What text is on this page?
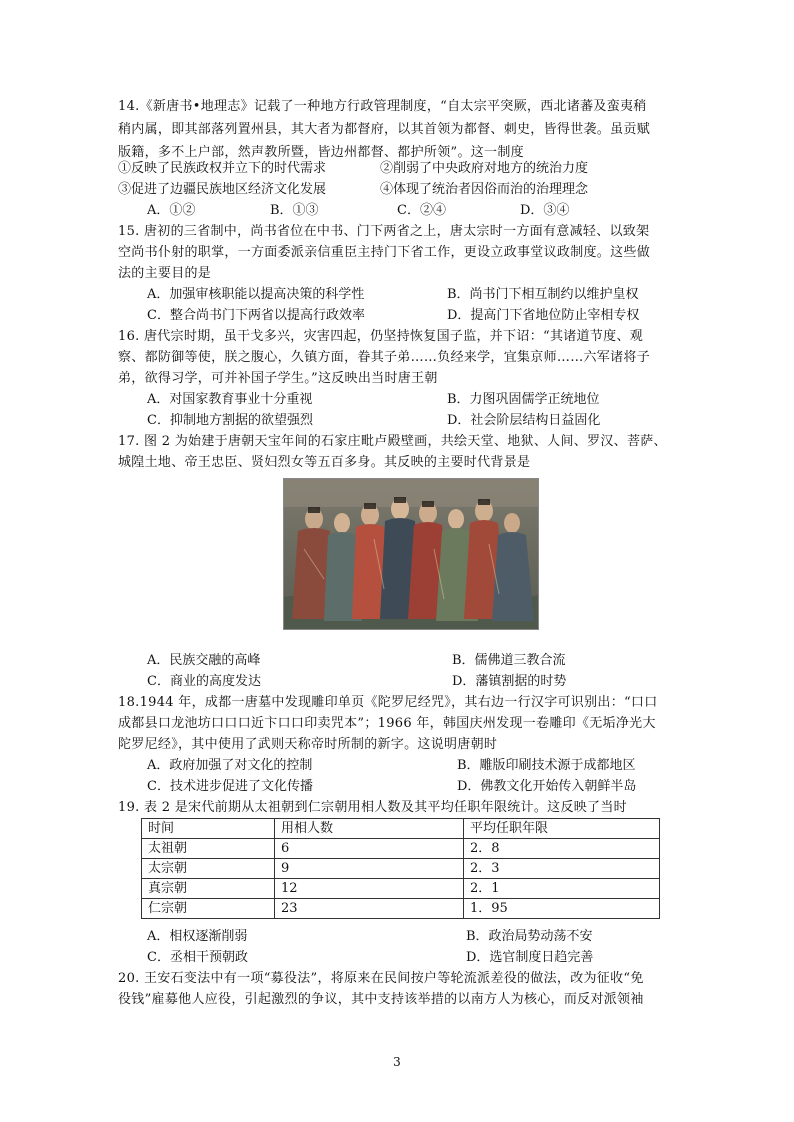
14.《新唐书•地理志》记载了一种地方行政管理制度，“自太宗平突厥，西北诸蕃及蛮夷稍
稍内属，即其部落列置州县，其大者为都督府，以其首领为都督、刺史，皆得世袭。虽贡赋
版籍，多不上户部，然声教所暨，皆边州都督、都护所领”。这一制度
①反映了民族政权并立下的时代需求	②削弱了中央政府对地方的统治力度
③促进了边疆民族地区经济文化发展	④体现了统治者因俗而治的治理理念
A．①②	B．①③	C．②④	D．③④
15. 唐初的三省制中，尚书省位在中书、门下两省之上，唐太宗时一方面有意减轻、以致架
空尚书仆射的职掌，一方面委派亲信重臣主持门下省工作，更设立政事堂议政制度。这些做
法的主要目的是
A．加强审核职能以提高决策的科学性	B．尚书门下相互制约以维护皇权
C．整合尚书门下两省以提高行政效率	D．提高门下省地位防止宰相专权
16. 唐代宗时期，虽干戈多兴，灾害四起，仍坚持恢复国子监，并下诏：“其诸道节度、观
察、都防御等使，朕之腹心，久镇方面，眷其子弟……负经来学，宜集京师……六军诸将子
弟，欲得习学，可并补国子学生。”这反映出当时唐王朝
A．对国家教育事业十分重视	B．力图巩固儒学正统地位
C．抑制地方割据的欲望强烈	D．社会阶层结构日益固化
17. 图 2 为始建于唐朝天宝年间的石家庄毗卢殿壁画，共绘天堂、地狱、人间、罗汉、菩萨、
城隍土地、帝王忠臣、贤妇烈女等五百多身。其反映的主要时代背景是
A．民族交融的高峰	B．儒佛道三教合流
C．商业的高度发达	D．藩镇割据的时势
18.1944 年，成都一唐墓中发现雕印单页《陀罗尼经咒》，其右边一行汉字可识别出：“口口
成都县口龙池坊口口口近卞口口印卖咒本”；1966 年，韩国庆州发现一卷雕印《无垢净光大
陀罗尼经》，其中使用了武则天称帝时所制的新字。这说明唐朝时
A．政府加强了对文化的控制	B．雕版印刷技术源于成都地区
C．技术进步促进了文化传播	D．佛教文化开始传入朝鲜半岛
19. 表 2 是宋代前期从太祖朝到仁宗朝用相人数及其平均任职年限统计。这反映了当时
时间	用相人数	平均任职年限
太祖朝	6	2．8
太宗朝	9	2．3
真宗朝	12	2．1
仁宗朝	23	1．95
A．相权逐渐削弱	B．政治局势动荡不安
C．丞相干预朝政	D．选官制度日趋完善
20. 王安石变法中有一项“募役法”，将原来在民间按户等轮流派差役的做法，改为征收“免
役钱”雇募他人应役，引起激烈的争议，其中支持该举措的以南方人为核心，而反对派领袖
3
